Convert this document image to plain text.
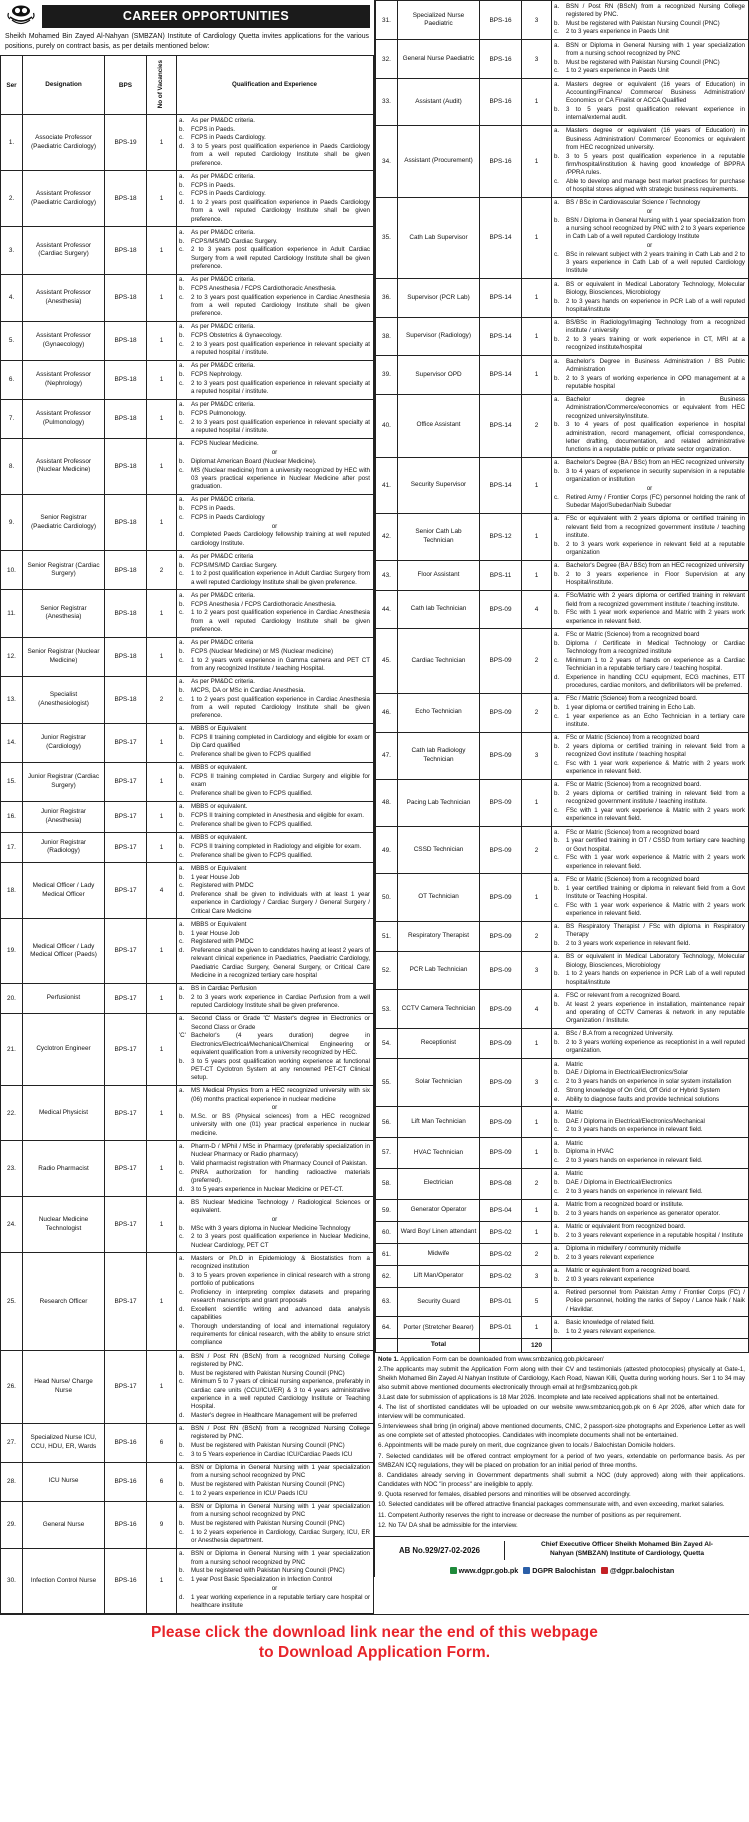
CAREER OPPORTUNITIES
Sheikh Mohamed Bin Zayed Al-Nahyan (SMBZAN) Institute of Cardiology Quetta invites applications for the various positions, purely on contract basis, as per details mentioned below:
Ser	Designation	BPS	No of Vacancies	Qualification and Experience
1.	Associate Professor (Paediatric Cardiology)	BPS-19	1	
a.	As per PM&DC criteria.
b.	FCPS in Paeds.
c.	FCPS in Paeds Cardiology.
d.	3 to 5 years post qualification experience in Paeds Cardiology from a well reputed Cardiology Institute shall be given preference.

2.	Assistant Professor (Paediatric Cardiology)	BPS-18	1	
a.	As per PM&DC criteria.
b.	FCPS in Paeds.
c.	FCPS in Paeds Cardiology.
d.	1 to 2 years post qualification experience in Paeds Cardiology from a well reputed Cardiology Institute shall be given preference.

3.	Assistant Professor (Cardiac Surgery)	BPS-18	1	
a.	As per PM&DC criteria.
b.	FCPS/MS/MD Cardiac Surgery.
c.	2 to 3 years post qualification experience in Adult Cardiac Surgery from a well reputed Cardiology Institute shall be given preference.

4.	Assistant Professor (Anesthesia)	BPS-18	1	
a.	As per PM&DC criteria.
b.	FCPS Anesthesia / FCPS Cardiothoracic Anesthesia.
c.	2 to 3 years post qualification experience in Cardiac Anesthesia from a well reputed Cardiology Institute shall be given preference.

5.	Assistant Professor (Gynaecology)	BPS-18	1	
a.	As per PM&DC criteria.
b.	FCPS Obstetrics & Gynaecology.
c.	2 to 3 years post qualification experience in relevant specialty at a reputed hospital / institute.

6.	Assistant Professor (Nephrology)	BPS-18	1	
a.	As per PM&DC criteria.
b.	FCPS Nephrology.
c.	2 to 3 years post qualification experience in relevant specialty at a reputed hospital / institute.

7.	Assistant Professor (Pulmonology)	BPS-18	1	
a.	As per PM&DC criteria.
b.	FCPS Pulmonology.
c.	2 to 3 years post qualification experience in relevant specialty at a reputed hospital / institute.

8.	Assistant Professor (Nuclear Medicine)	BPS-18	1	
a.	FCPS Nuclear Medicine.
or
b.	Diplomat American Board (Nuclear Medicine).
c.	MS (Nuclear medicine) from a university recognized by HEC with 03 years practical experience in Nuclear Medicine after post graduation.

9.	Senior Registrar (Paediatric Cardiology)	BPS-18	1	
a.	As per PM&DC criteria.
b.	FCPS in Paeds.
c.	FCPS in Paeds Cardiology
or
d.	Completed Paeds Cardiology fellowship training at well reputed cardiology Institute.

10.	Senior Registrar (Cardiac Surgery)	BPS-18	2	
a.	As per PM&DC criteria
b.	FCPS/MS/MD Cardiac Surgery.
c.	1 to 2 post qualification experience in Adult Cardiac Surgery from a well reputed Cardiology Institute shall be given preference.

11.	Senior Registrar (Anesthesia)	BPS-18	1	
a.	As per PM&DC criteria.
b.	FCPS Anesthesia / FCPS Cardiothoracic Anesthesia.
c.	1 to 2 years post qualification experience in Cardiac Anesthesia from a well reputed Cardiology Institute shall be given preference.

12.	Senior Registrar (Nuclear Medicine)	BPS-18	1	
a.	As per PM&DC criteria
b.	FCPS (Nuclear Medicine) or MS (Nuclear medicine)
c.	1 to 2 years work experience in Gamma camera and PET CT from any recognized Institute / teaching Hospital.

13.	Specialist (Anesthesiologist)	BPS-18	2	
a.	As per PM&DC criteria.
b.	MCPS, DA or MSc in Cardiac Anesthesia.
c.	1 to 2 years post qualification experience in Cardiac Anesthesia from a well reputed Cardiology Institute shall be given preference.

14.	Junior Registrar (Cardiology)	BPS-17	1	
a.	MBBS or Equivalent
b.	FCPS II training completed in Cardiology and eligible for exam or Dip Card qualified
c.	Preference shall be given to FCPS qualified

15.	Junior Registrar (Cardiac Surgery)	BPS-17	1	
a.	MBBS or equivalent.
b.	FCPS II training completed in Cardiac Surgery and eligible for exam
c.	Preference shall be given to FCPS qualified.

16.	Junior Registrar (Anesthesia)	BPS-17	1	
a.	MBBS or equivalent.
b.	FCPS II training completed in Anesthesia and eligible for exam.
c.	Preference shall be given to FCPS qualified.

17.	Junior Registrar (Radiology)	BPS-17	1	
a.	MBBS or equivalent.
b.	FCPS II training completed in Radiology and eligible for exam.
c.	Preference shall be given to FCPS qualified.

18.	Medical Officer / Lady Medical Officer	BPS-17	4	
a.	MBBS or Equivalent
b.	1 year House Job
c.	Registered with PMDC
d.	Preference shall be given to individuals with at least 1 year experience in Cardiology / Cardiac Surgery / General Surgery / Critical Care Medicine

19.	Medical Officer / Lady Medical Officer (Paeds)	BPS-17	1	
a.	MBBS or Equivalent
b.	1 year House Job
c.	Registered with PMDC
d.	Preference shall be given to candidates having at least 2 years of relevant clinical experience in Paediatrics, Paediatric Cardiology, Paediatric Cardiac Surgery, General Surgery, or Critical Care Medicine in a recognized tertiary care hospital

20.	Perfusionist	BPS-17	1	
a.	BS in Cardiac Perfusion
b.	2 to 3 years work experience in Cardiac Perfusion from a well reputed Cardiology Institute shall be given preference.

21.	Cyclotron Engineer	BPS-17	1	
a.	Second Class or Grade 'C' Master's degree in Electronics or Second Class or Grade
'C' Bachelor's (4 years duration) degree in Electronics/Electrical/Mechanical/Chemical Engineering or equivalent qualification from a university recognized by HEC.
b.	3 to 5 years post qualification working experience at functional PET-CT Cyclotron System at any renowned PET-CT Clinical setup.

22.	Medical Physicist	BPS-17	1	
a.	MS Medical Physics from a HEC recognized university with six (06) months practical experience in nuclear medicine
or
b.	M.Sc. or BS (Physical sciences) from a HEC recognized university with one (01) year practical experience in nuclear medicine.

23.	Radio Pharmacist	BPS-17	1	
a.	Pharm-D / MPhil / MSc in Pharmacy (preferably specialization in Nuclear Pharmacy or Radio pharmacy)
b.	Valid pharmacist registration with Pharmacy Council of Pakistan.
c.	PNRA authorization for handling radioactive materials (preferred).
d.	3 to 5 years experience in Nuclear Medicine or PET-CT.

24.	Nuclear Medicine Technologist	BPS-17	1	
a.	BS Nuclear Medicine Technology / Radiological Sciences or equivalent.
or
b.	MSc with 3 years diploma in Nuclear Medicine Technology
c.	2 to 3 years post qualification experience in Nuclear Medicine, Nuclear Cardiology, PET CT

25.	Research Officer	BPS-17	1	
a.	Masters or Ph.D in Epidemiology & Biostatistics from a recognized institution
b.	3 to 5 years proven experience in clinical research with a strong portfolio of publications
c.	Proficiency in interpreting complex datasets and preparing research manuscripts and grant proposals
d.	Excellent scientific writing and advanced data analysis capabilities
e.	Thorough understanding of local and international regulatory requirements for clinical research, with the ability to ensure strict compliance

26.	Head Nurse/ Charge Nurse	BPS-17	1	
a.	BSN / Post RN (BScN) from a recognized Nursing College registered by PNC.
b.	Must be registered with Pakistan Nursing Council (PNC)
c.	Minimum 5 to 7 years of clinical nursing experience, preferably in cardiac care units (CCU/ICU/ER) & 3 to 4 years administrative experience in a well reputed Cardiology Institute or Teaching Hospital.
d.	Master's degree in Healthcare Management will be preferred

27.	Specialized Nurse ICU, CCU, HDU, ER, Wards	BPS-16	6	
a.	BSN / Post RN (BScN) from a recognized Nursing College registered by PNC.
b.	Must be registered with Pakistan Nursing Council (PNC)
c.	3 to 5 Years experience in Cardiac ICU/Cardiac Paeds ICU

28.	ICU Nurse	BPS-16	6	
a.	BSN or Diploma in General Nursing with 1 year specialization from a nursing school recognized by PNC
b.	Must be registered with Pakistan Nursing Council (PNC)
c.	1 to 2 years experience in ICU/ Paeds ICU

29.	General Nurse	BPS-16	9	
a.	BSN or Diploma in General Nursing with 1 year specialization from a nursing school recognized by PNC
b.	Must be registered with Pakistan Nursing Council (PNC)
c.	1 to 2 years experience in Cardiology, Cardiac Surgery, ICU, ER or Anesthesia department.

30.	Infection Control Nurse	BPS-16	1	
a.	BSN or Diploma in General Nursing with 1 year specialization from a nursing school recognized by PNC
b.	Must be registered with Pakistan Nursing Council (PNC)
c.	1 year Post Basic Specialization in Infection Control
or
d.	1 year working experience in a reputable tertiary care hospital or healthcare institute
31.	Specialized Nurse Paediatric	BPS-16	3	
a.	BSN / Post RN (BScN) from a recognized Nursing College registered by PNC.
b.	Must be registered with Pakistan Nursing Council (PNC)
c.	2 to 3 years experience in Paeds Unit

32.	General Nurse Paediatric	BPS-16	3	
a.	BSN or Diploma in General Nursing with 1 year specialization from a nursing school recognized by PNC
b.	Must be registered with Pakistan Nursing Council (PNC)
c.	1 to 2 years experience in Paeds Unit

33.	Assistant (Audit)	BPS-16	1	
a.	Masters degree or equivalent (16 years of Education) in Accounting/Finance/ Commerce/ Business Administration/ Economics or CA Finalist or ACCA Qualified
b.	3 to 5 years post qualification relevant experience in internal/external audit.

34.	Assistant (Procurement)	BPS-16	1	
a.	Masters degree or equivalent (16 years of Education) in Business Administration/ Commerce/ Economics or equivalent from HEC recognized university.
b.	3 to 5 years post qualification experience in a reputable firm/hospital/institution & having good knowledge of BPPRA /PPRA rules.
c.	Able to develop and manage best market practices for purchase of hospital stores aligned with strategic business requirements.

35.	Cath Lab Supervisor	BPS-14	1	
a.	BS / BSc in Cardiovascular Science / Technology
or
b.	BSN / Diploma in General Nursing with 1 year specialization from a nursing school recognized by PNC with 2 to 3 years experience in Cath Lab of a well reputed Cardiology Institute
or
c.	BSc in relevant subject with 2 years training in Cath Lab and 2 to 3 years experience in Cath Lab of a well reputed Cardiology Institute

36.	Supervisor (PCR Lab)	BPS-14	1	
a.	BS or equivalent in Medical Laboratory Technology, Molecular Biology, Biosciences, Microbiology
b.	2 to 3 years hands on experience in PCR Lab of a well reputed hospital/institute

38.	Supervisor (Radiology)	BPS-14	1	
a.	BS/BSc in Radiology/Imaging Technology from a recognized institute / university
b.	2 to 3 years training or work experience in CT, MRI at a recognized institute/hospital

39.	Supervisor OPD	BPS-14	1	
a.	Bachelor's Degree in Business Administration / BS Public Administration
b.	2 to 3 years of working experience in OPD management at a reputable hospital

40.	Office Assistant	BPS-14	2	
a.	Bachelor degree in Business Administration/Commerce/economics or equivalent from HEC recognized university/institute.
b.	3 to 4 years of post qualification experience in hospital administration, record management, official correspondence, letter drafting, documentation, and related administrative functions in a reputable public or private sector organization.

41.	Security Supervisor	BPS-14	1	
a.	Bachelor's Degree (BA / BSc) from an HEC recognized university
b.	3 to 4 years of experience in security supervision in a reputable organization or institution
or
c.	Retired Army / Frontier Corps (FC) personnel holding the rank of Subedar Major/Subedar/Naib Subedar

42.	Senior Cath Lab Technician	BPS-12	1	
a.	FSc or equivalent with 2 years diploma or certified training in relevant field from a recognized government institute / teaching institute.
b.	2 to 3 years work experience in relevant field at a reputable organization

43.	Floor Assistant	BPS-11	1	
a.	Bachelor's Degree (BA / BSc) from an HEC recognized university
b.	2 to 3 years experience in Floor Supervision at any Hospital/institute.

44.	Cath lab Technician	BPS-09	4	
a.	FSc/Matric with 2 years diploma or certified training in relevant field from a recognized government institute / teaching institute.
b.	FSc with 1 year work experience and Matric with 2 years work experience in relevant field.

45.	Cardiac Technician	BPS-09	2	
a.	FSc or Matric (Science) from a recognized board
b.	Diploma / Certificate in Medical Technology or Cardiac Technology from a recognized institute
c.	Minimum 1 to 2 years of hands on experience as a Cardiac Technician in a reputable tertiary care / teaching hospital.
d.	Experience in handling CCU equipment, ECG machines, ETT procedures, cardiac monitors, and defibrillators will be preferred.

46.	Echo Technician	BPS-09	2	
a.	FSc / Matric (Science) from a recognized board.
b.	1 year diploma or certified training in Echo Lab.
c.	1 year experience as an Echo Technician in a tertiary care institute.

47.	Cath lab Radiology Technician	BPS-09	3	
a.	FSc or Matric (Science) from a recognized board
b.	2 years diploma or certified training in relevant field from a recognized Govt institute / teaching hospital
c.	Fsc with 1 year work experience & Matric with 2 years work experience in relevant field.

48.	Pacing Lab Technician	BPS-09	1	
a.	FSc or Matric (Science) from a recognized board.
b.	2 years diploma or certified training in relevant field from a recognized government institute / teaching institute.
c.	FSc with 1 year work experience & Matric with 2 years work experience in relevant field.

49.	CSSD Technician	BPS-09	2	
a.	FSc or Matric (Science) from a recognized board
b.	1 year certified training in OT / CSSD from tertiary care teaching or Govt hospital.
c.	FSc with 1 year work experience & Matric with 2 years work experience in relevant field.

50.	OT Technician	BPS-09	1	
a.	FSc or Matric (Science) from a recognized board
b.	1 year certified training or diploma in relevant field from a Govt Institute or Teaching Hospital.
c.	FSc with 1 year work experience & Matric with 2 years work experience in relevant field.

51.	Respiratory Therapist	BPS-09	2	
a.	BS Respiratory Therapist / FSc with diploma in Respiratory Therapy
b.	2 to 3 years work experience in relevant field.

52.	PCR Lab Technician	BPS-09	3	
a.	BS or equivalent in Medical Laboratory Technology, Molecular Biology, Biosciences, Microbiology
b.	1 to 2 years hands on experience in PCR Lab of a well reputed hospital/institute

53.	CCTV Camera Technician	BPS-09	4	
a.	FSC or relevant from a recognized Board.
b.	At least 2 years experience in installation, maintenance repair and operating of CCTV Cameras & network in any reputable Organization / Institute.

54.	Receptionist	BPS-09	1	
a.	BSc / B.A from a recognized University.
b.	2 to 3 years working experience as receptionist in a well reputed organization.

55.	Solar Technician	BPS-09	3	
a.	Matric
b.	DAE / Diploma in Electrical/Electronics/Solar
c.	2 to 3 years hands on experience in solar system installation
d.	Strong knowledge of On Grid, Off Grid or Hybrid System
e.	Ability to diagnose faults and provide technical solutions

56.	Lift Man Technician	BPS-09	1	
a.	Matric
b.	DAE / Diploma in Electrical/Electronics/Mechanical
c.	2 to 3 years hands on experience in relevant field.

57.	HVAC Technician	BPS-09	1	
a.	Matric
b.	Diploma in HVAC
c.	2 to 3 years hands on experience in relevant field.

58.	Electrician	BPS-08	2	
a.	Matric
b.	DAE / Diploma in Electrical/Electronics
c.	2 to 3 years hands on experience in relevant field.

59.	Generator Operator	BPS-04	1	
a.	Matric from a recognized board or institute.
b.	2 to 3 years hands on experience as generator operator.

60.	Ward Boy/ Linen attendant	BPS-02	1	
a.	Matric or equivalent from recognized board.
b.	2 to 3 years relevant experience in a reputable hospital / Institute

61.	Midwife	BPS-02	2	
a.	Diploma in midwifery / community midwife
b.	2 to 3 years relevant experience

62.	Lift Man/Operator	BPS-02	3	
a.	Matric or equivalent from a recognized board.
b.	2 t0 3 years relevant experience

63.	Security Guard	BPS-01	5	
a.	Retired personnel from Pakistan Army / Frontier Corps (FC) / Police personnel, holding the ranks of Sepoy / Lance Naik / Naik / Havildar.

64.	Porter (Stretcher Bearer)	BPS-01	1	
a.	Basic knowledge of related field.
b.	1 to 2 years relevant experience.

	Total		120	

Note 1. Application Form can be downloaded from www.smbzanicq.gob.pk/career/

2.The applicants may submit the Application Form along with their CV and testimonials (attested photocopies) physically at Gate-1, Sheikh Mohamed Bin Zayed Al Nahyan Institute of Cardiology, Kach Road, Nawan Killi, Quetta during working hours. Ser 1 to 34 may also submit above mentioned documents electronically through email at hr@smbzanicq.gob.pk

3.Last date for submission of applications is 18 Mar 2026. Incomplete and late received applications shall not be entertained.

4. The list of shortlisted candidates will be uploaded on our website www.smbzanicq.gob.pk on 6 Apr 2026, after which date for interview will be communicated.

5.Interviewees shall bring (in original) above mentioned documents, CNIC, 2 passport-size photographs and Experience Letter as well as one complete set of attested photocopies. Candidates with incomplete documents shall not be entertained.

6. Appointments will be made purely on merit, due cognizance given to locals / Balochistan Domicile holders.

7. Selected candidates will be offered contract employment for a period of two years, extendable on performance basis. As per SMBZAN ICQ regulations, they will be placed on probation for an initial period of three months.

8. Candidates already serving in Government departments shall submit a NOC (duly approved) along with their applications. Candidates with NOC "in process" are ineligible to apply.

9. Quota reserved for females, disabled persons and minorities will be observed accordingly.

10. Selected candidates will be offered attractive financial packages commensurate with, and even exceeding, market salaries.

11. Competent Authority reserves the right to increase or decrease the number of positions as per requirement.

12. No TA/ DA shall be admissible for the interview.

AB No.929/27-02-2026
Chief Executive Officer Sheikh Mohamed Bin Zayed Al-
Nahyan (SMBZAN) Institute of Cardiology, Quetta
www.dgpr.gob.pk DGPR Balochistan @dgpr.balochistan
Please click the download link near the end of this webpage
to Download Application Form.
